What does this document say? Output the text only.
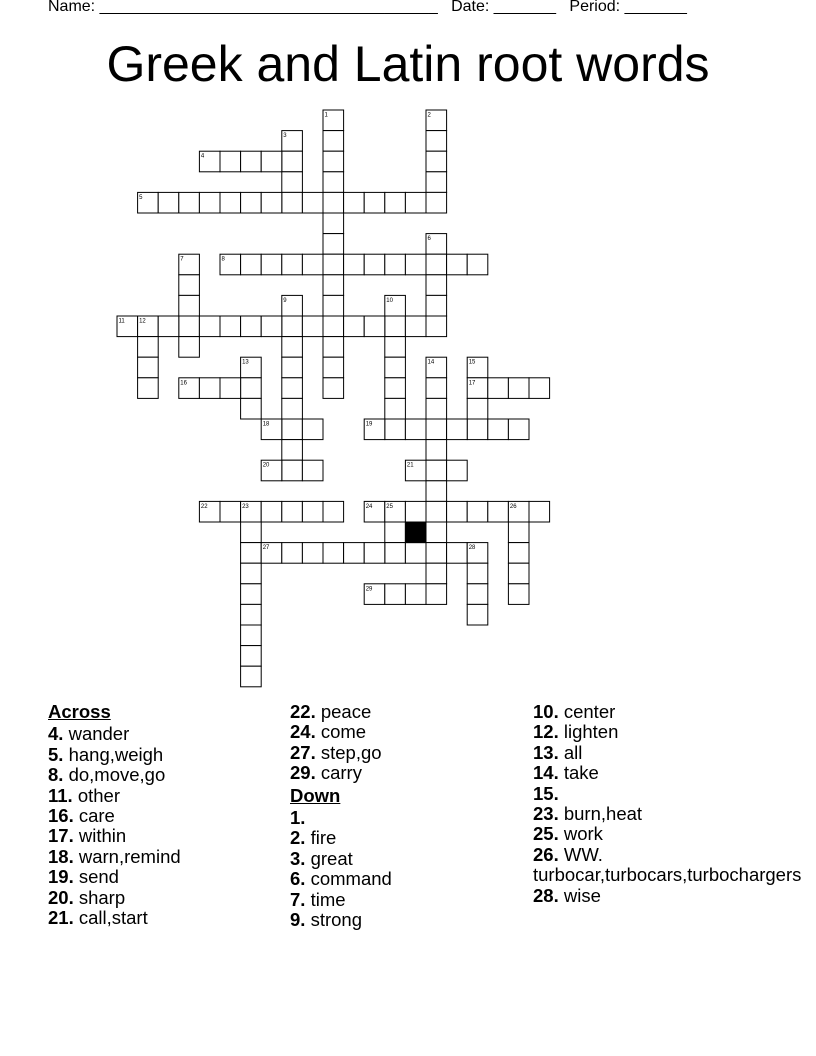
Name: ______________________________________ Date: _______ Period: _______
Greek and Latin root words
1	2
3
4
5
6
7	8
9	10
11 12
13	14	15
16	17
18	19
20	21
22	23	24 25	26
27	28
29
Across
4. wander
5. hang,weigh
8. do,move,go
11. other
16. care
17. within
18. warn,remind
19. send
20. sharp
21. call,start
22. peace
24. come
27. step,go
29. carry
Down
1.
2. fire
3. great
6. command
7. time
9. strong
10. center
12. lighten
13. all
14. take
15.
23. burn,heat
25. work
26. WW. turbocar,turbocars,turbochargers
28. wise
